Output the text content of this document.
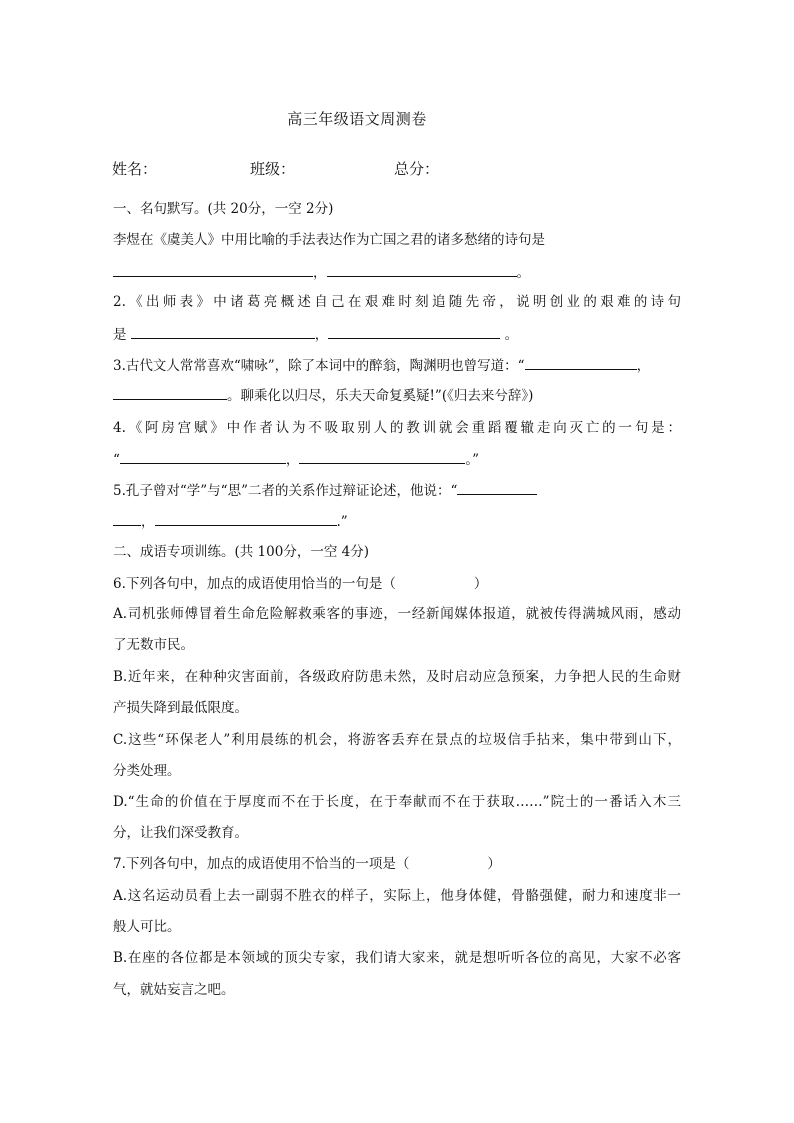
高三年级语文周测卷
姓名：	班级：	总分：
一、名句默写。(共 20分，一空 2分)
李煜在《虞美人》中用比喻的手法表达作为亡国之君的诸多愁绪的诗句是
，	。
2.《出师表》中诸葛亮概述自己在艰难时刻追随先帝，说明创业的艰难的诗句
是	，	。
3.古代文人常常喜欢“啸咏”，除了本词中的醉翁，陶渊明也曾写道：“	，
。聊乘化以归尽，乐夫天命复奚疑!”(《归去来兮辞》)
4.《阿房宫赋》中作者认为不吸取别人的教训就会重蹈覆辙走向灭亡的一句是：
“	，	。”
5.孔子曾对“学”与“思”二者的关系作过辩证论述，他说：“
，	.”
二、成语专项训练。(共 100分，一空 4分)
6.下列各句中，加点的成语使用恰当的一句是（	）
A.司机张师傅冒着生命危险解救乘客的事迹，一经新闻媒体报道，就被传得满城风雨，感动
了无数市民。
B.近年来，在种种灾害面前，各级政府防患未然，及时启动应急预案，力争把人民的生命财
产损失降到最低限度。
C.这些“环保老人”利用晨练的机会，将游客丢弃在景点的垃圾信手拈来，集中带到山下，
分类处理。
D.“生命的价值在于厚度而不在于长度，在于奉献而不在于获取……”院士的一番话入木三
分，让我们深受教育。
7.下列各句中，加点的成语使用不恰当的一项是（	）
A.这名运动员看上去一副弱不胜衣的样子，实际上，他身体健，骨骼强健，耐力和速度非一
般人可比。
B.在座的各位都是本领域的顶尖专家，我们请大家来，就是想听听各位的高见，大家不必客
气，就姑妄言之吧。
